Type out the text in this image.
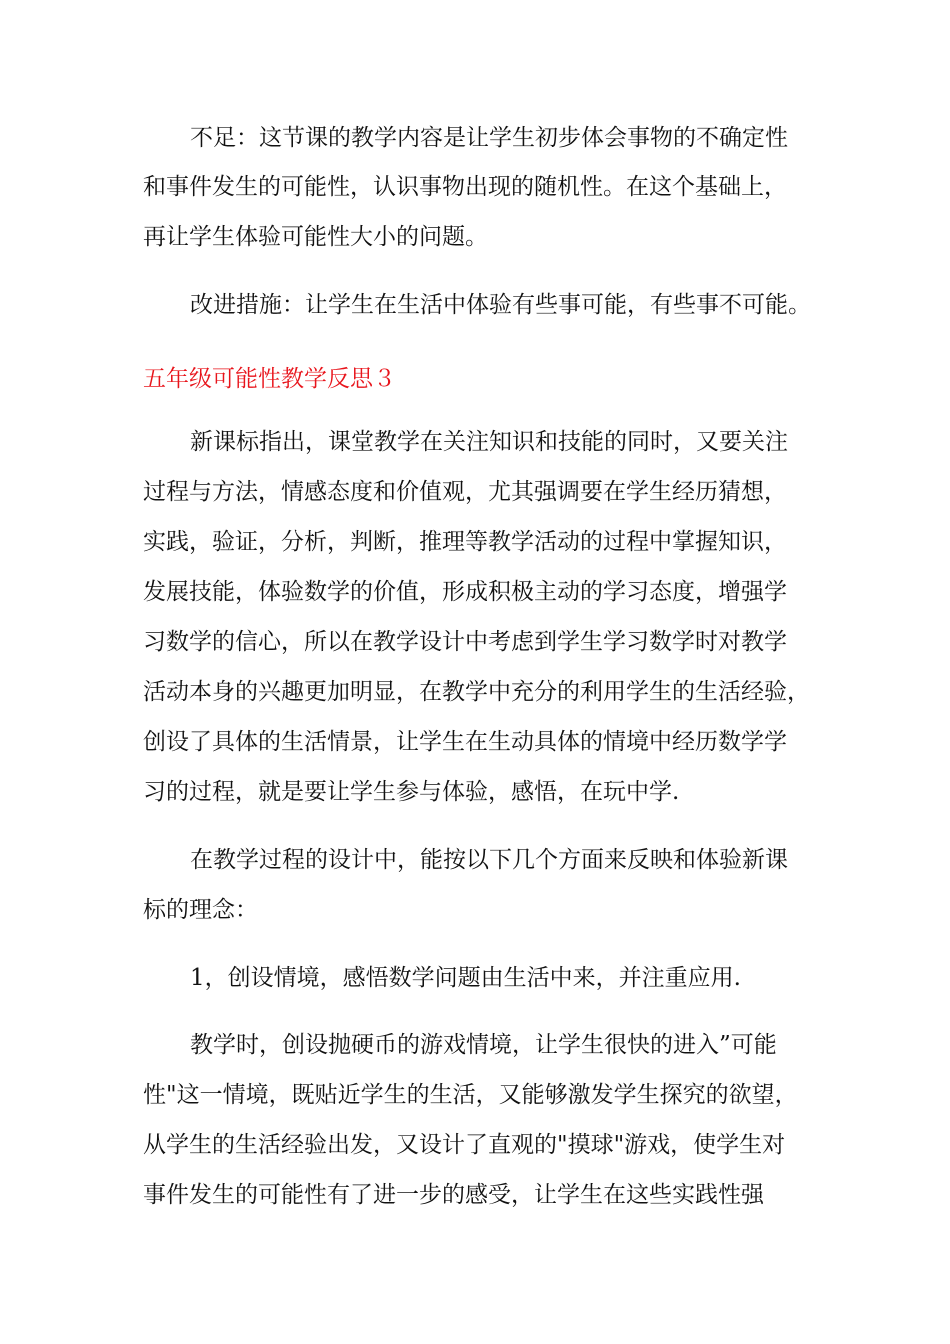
不足：这节课的教学内容是让学生初步体会事物的不确定性
和事件发生的可能性，认识事物出现的随机性。在这个基础上，
再让学生体验可能性大小的问题。
改进措施：让学生在生活中体验有些事可能，有些事不可能。
五年级可能性教学反思３
新课标指出，课堂教学在关注知识和技能的同时，又要关注
过程与方法，情感态度和价值观，尤其强调要在学生经历猜想，
实践，验证，分析，判断，推理等教学活动的过程中掌握知识，
发展技能，体验数学的价值，形成积极主动的学习态度，增强学
习数学的信心，所以在教学设计中考虑到学生学习数学时对教学
活动本身的兴趣更加明显，在教学中充分的利用学生的生活经验，
创设了具体的生活情景，让学生在生动具体的情境中经历数学学
习的过程，就是要让学生参与体验，感悟，在玩中学.
在教学过程的设计中，能按以下几个方面来反映和体验新课
标的理念：
1，创设情境，感悟数学问题由生活中来，并注重应用.
教学时，创设抛硬币的游戏情境，让学生很快的进入”可能
性"这一情境，既贴近学生的生活，又能够激发学生探究的欲望，
从学生的生活经验出发，又设计了直观的"摸球"游戏，使学生对
事件发生的可能性有了进一步的感受，让学生在这些实践性强
